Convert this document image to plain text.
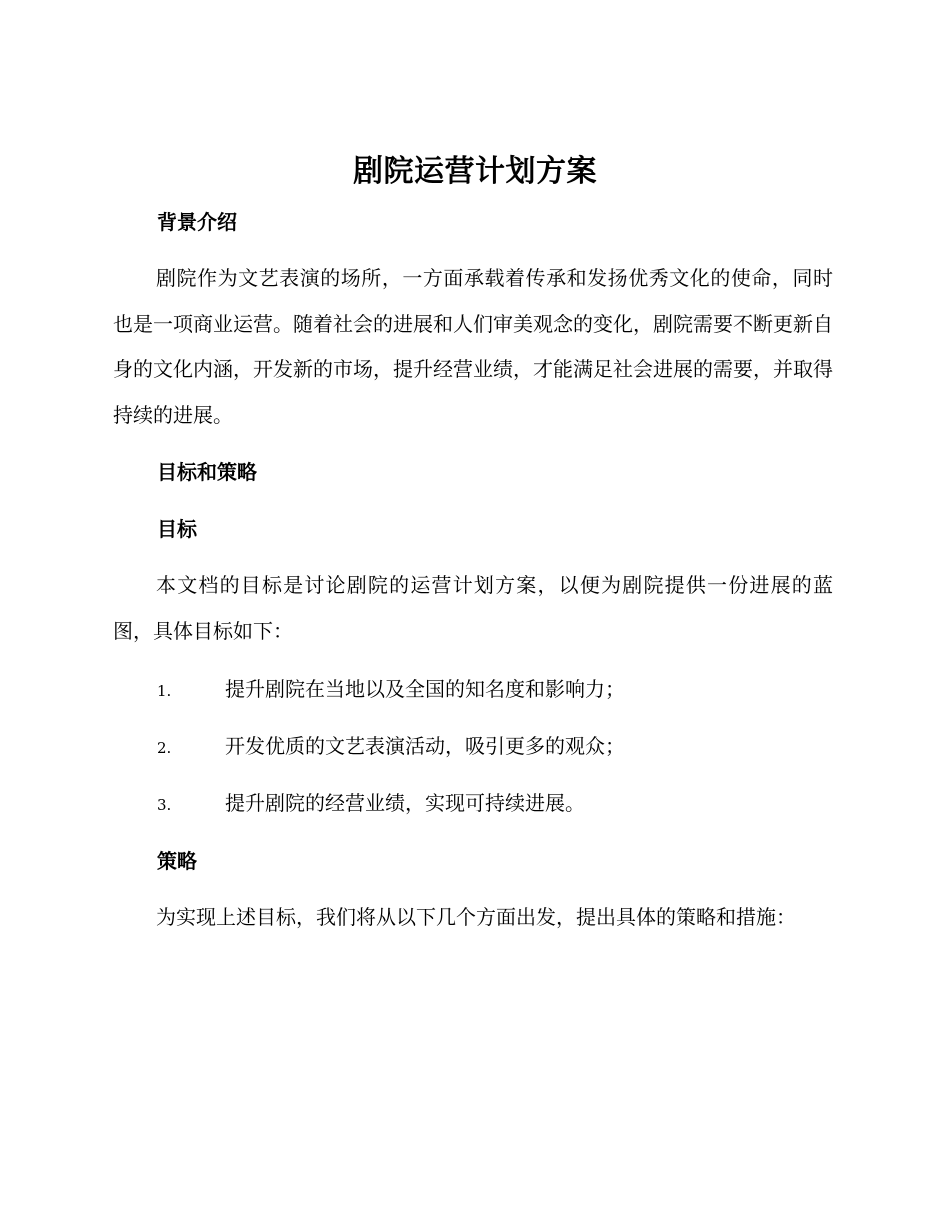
剧院运营计划方案
背景介绍

剧院作为文艺表演的场所，一方面承载着传承和发扬优秀文化的使命，同时也是一项商业运营。随着社会的进展和人们审美观念的变化，剧院需要不断更新自身的文化内涵，开发新的市场，提升经营业绩，才能满足社会进展的需要，并取得持续的进展。

目标和策略
目标

本文档的目标是讨论剧院的运营计划方案，以便为剧院提供一份进展的蓝图，具体目标如下：

1.	提升剧院在当地以及全国的知名度和影响力；
2.	开发优质的文艺表演活动，吸引更多的观众；
3.	提升剧院的经营业绩，实现可持续进展。
策略

为实现上述目标，我们将从以下几个方面出发，提出具体的策略和措施：
